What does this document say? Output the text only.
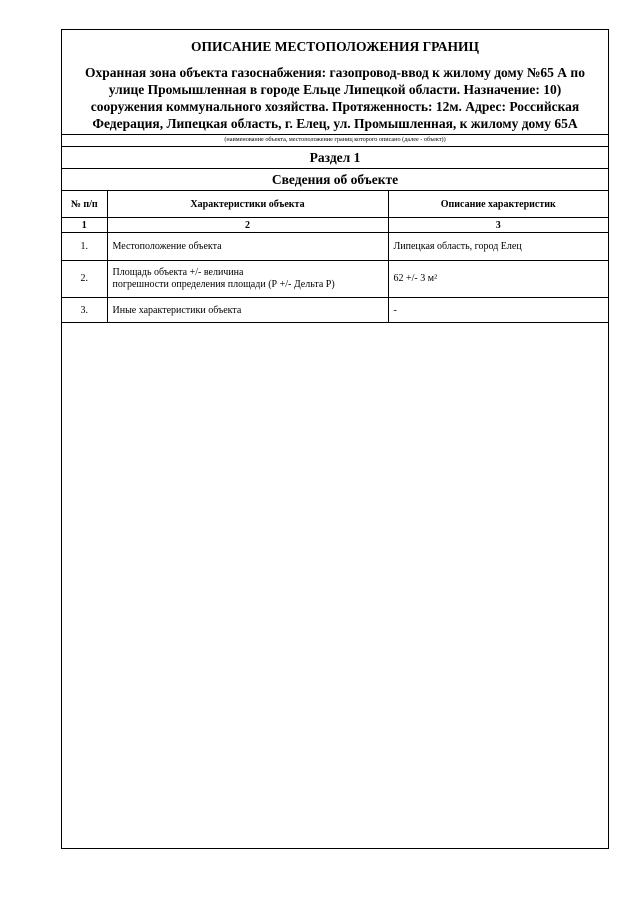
ОПИСАНИЕ МЕСТОПОЛОЖЕНИЯ ГРАНИЦ
Охранная зона объекта газоснабжения: газопровод-ввод к жилому дому №65 А по
улице Промышленная в городе Ельце Липецкой области. Назначение: 10)
сооружения коммунального хозяйства. Протяженность: 12м. Адрес: Российская
Федерация, Липецкая область, г. Елец, ул. Промышленная, к жилому дому 65А
(наименование объекта, местоположение границ которого описано (далее - объект))
Раздел 1
Сведения об объекте
№ п/п	Характеристики объекта	Описание характеристик
1	2	3
1.	Местоположение объекта	Липецкая область, город Елец
2.	Площадь объекта +/- величина
погрешности определения площади (Р +/- Дельта Р)	62 +/- 3 м²
3.	Иные характеристики объекта	-
